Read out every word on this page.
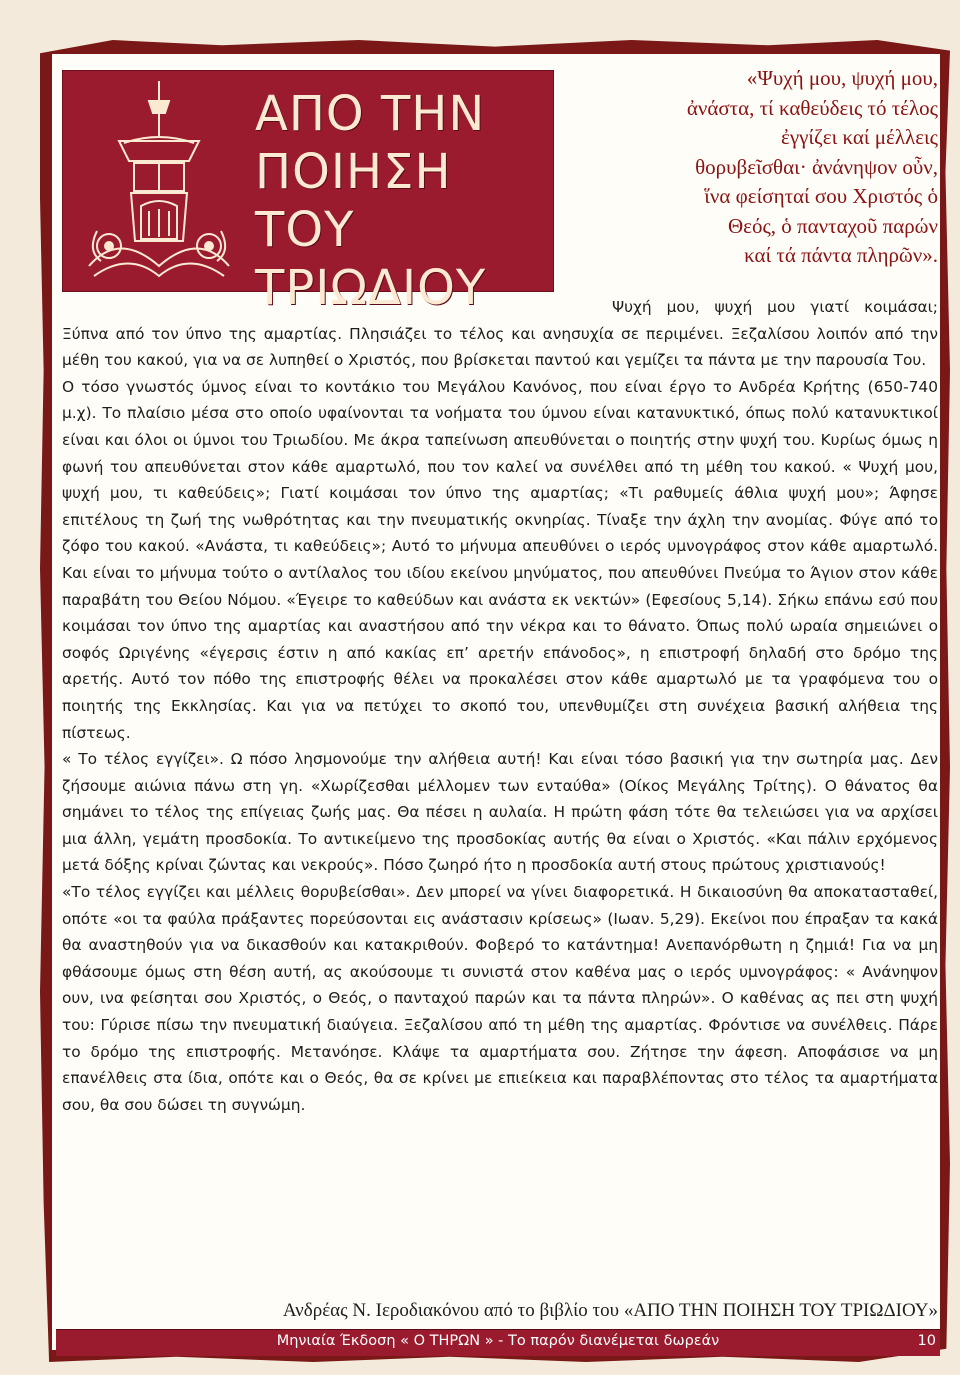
ΑΠΟ ΤΗΝ
ΠΟΙΗΣΗ ΤΟΥ
ΤΡΙΩΔΙΟΥ
«Ψυχή μου, ψυχή μου,
ἀνάστα, τί καθεύδεις τό τέλος
ἐγγίζει καί μέλλεις
θορυβεῖσθαι· ἀνάνηψον οὖν,
ἵνα φείσηταί σου Χριστός ὁ
Θεός, ὁ πανταχοῦ παρών
καί τά πάντα πληρῶν».

Ψυχή μου, ψυχή μου γιατί κοιμάσαι; Ξύπνα από τον ύπνο της αμαρτίας. Πλησιάζει το τέλος και ανησυχία σε περιμένει. Ξεζαλίσου λοιπόν από την μέθη του κακού, για να σε λυπηθεί ο Χριστός, που βρίσκεται παντού και γεμίζει τα πάντα με την παρουσία Του.

Ο τόσο γνωστός ύμνος είναι το κοντάκιο του Μεγάλου Κανόνος, που είναι έργο το Ανδρέα Κρήτης (650-740 μ.χ). Το πλαίσιο μέσα στο οποίο υφαίνονται τα νοήματα του ύμνου είναι κατανυκτικό, όπως πολύ κατανυκτικοί είναι και όλοι οι ύμνοι του Τριωδίου. Με άκρα ταπείνωση απευθύνεται ο ποιητής στην ψυχή του. Κυρίως όμως η φωνή του απευθύνεται στον κάθε αμαρτωλό, που τον καλεί να συνέλθει από τη μέθη του κακού. « Ψυχή μου, ψυχή μου, τι καθεύδεις»; Γιατί κοιμάσαι τον ύπνο της αμαρτίας; «Τι ραθυμείς άθλια ψυχή μου»; Άφησε επιτέλους τη ζωή της νωθρότητας και την πνευματικής οκνηρίας. Τίναξε την άχλη την ανομίας. Φύγε από το ζόφο του κακού. «Ανάστα, τι καθεύδεις»; Αυτό το μήνυμα απευθύνει ο ιερός υμνογράφος στον κάθε αμαρτωλό. Και είναι το μήνυμα τούτο ο αντίλαλος του ιδίου εκείνου μηνύματος, που απευθύνει Πνεύμα το Άγιον στον κάθε παραβάτη του Θείου Νόμου. «Έγειρε το καθεύδων και ανάστα εκ νεκτών» (Εφεσίους 5,14). Σήκω επάνω εσύ που κοιμάσαι τον ύπνο της αμαρτίας και αναστήσου από την νέκρα και το θάνατο. Όπως πολύ ωραία σημειώνει ο σοφός Ωριγένης «έγερσις έστιν η από κακίας επ’ αρετήν επάνοδος», η επιστροφή δηλαδή στο δρόμο της αρετής. Αυτό τον πόθο της επιστροφής θέλει να προκαλέσει στον κάθε αμαρτωλό με τα γραφόμενα του ο ποιητής της Εκκλησίας. Και για να πετύχει το σκοπό του, υπενθυμίζει στη συνέχεια βασική αλήθεια της πίστεως.

« Το τέλος εγγίζει». Ω πόσο λησμονούμε την αλήθεια αυτή! Και είναι τόσο βασική για την σωτηρία μας. Δεν ζήσουμε αιώνια πάνω στη γη. «Χωρίζεσθαι μέλλομεν των ενταύθα» (Οίκος Μεγάλης Τρίτης). Ο θάνατος θα σημάνει το τέλος της επίγειας ζωής μας. Θα πέσει η αυλαία. Η πρώτη φάση τότε θα τελειώσει για να αρχίσει μια άλλη, γεμάτη προσδοκία. Το αντικείμενο της προσδοκίας αυτής θα είναι ο Χριστός. «Και πάλιν ερχόμενος μετά δόξης κρίναι ζώντας και νεκρούς». Πόσο ζωηρό ήτο η προσδοκία αυτή στους πρώτους χριστιανούς!

«Το τέλος εγγίζει και μέλλεις θορυβείσθαι». Δεν μπορεί να γίνει διαφορετικά. Η δικαιοσύνη θα αποκατασταθεί, οπότε «οι τα φαύλα πράξαντες πορεύσονται εις ανάστασιν κρίσεως» (Ιωαν. 5,29). Εκείνοι που έπραξαν τα κακά θα αναστηθούν για να δικασθούν και κατακριθούν. Φοβερό το κατάντημα! Ανεπανόρθωτη η ζημιά! Για να μη φθάσουμε όμως στη θέση αυτή, ας ακούσουμε τι συνιστά στον καθένα μας ο ιερός υμνογράφος: « Ανάνηψον ουν, ινα φείσηται σου Χριστός, ο Θεός, ο πανταχού παρών και τα πάντα πληρών». Ο καθένας ας πει στη ψυχή του: Γύρισε πίσω την πνευματική διαύγεια. Ξεζαλίσου από τη μέθη της αμαρτίας. Φρόντισε να συνέλθεις. Πάρε το δρόμο της επιστροφής. Μετανόησε. Κλάψε τα αμαρτήματα σου. Ζήτησε την άφεση. Αποφάσισε να μη επανέλθεις στα ίδια, οπότε και ο Θεός, θα σε κρίνει με επιείκεια και παραβλέποντας στο τέλος τα αμαρτήματα σου, θα σου δώσει τη συγνώμη.

Ανδρέας Ν. Ιεροδιακόνου από το βιβλίο του «ΑΠΟ ΤΗΝ ΠΟΙΗΣΗ ΤΟΥ ΤΡΙΩΔΙΟΥ»
Μηνιαία Έκδοση « Ο ΤΗΡΩΝ » - Το παρόν διανέμεται δωρεάν	10
